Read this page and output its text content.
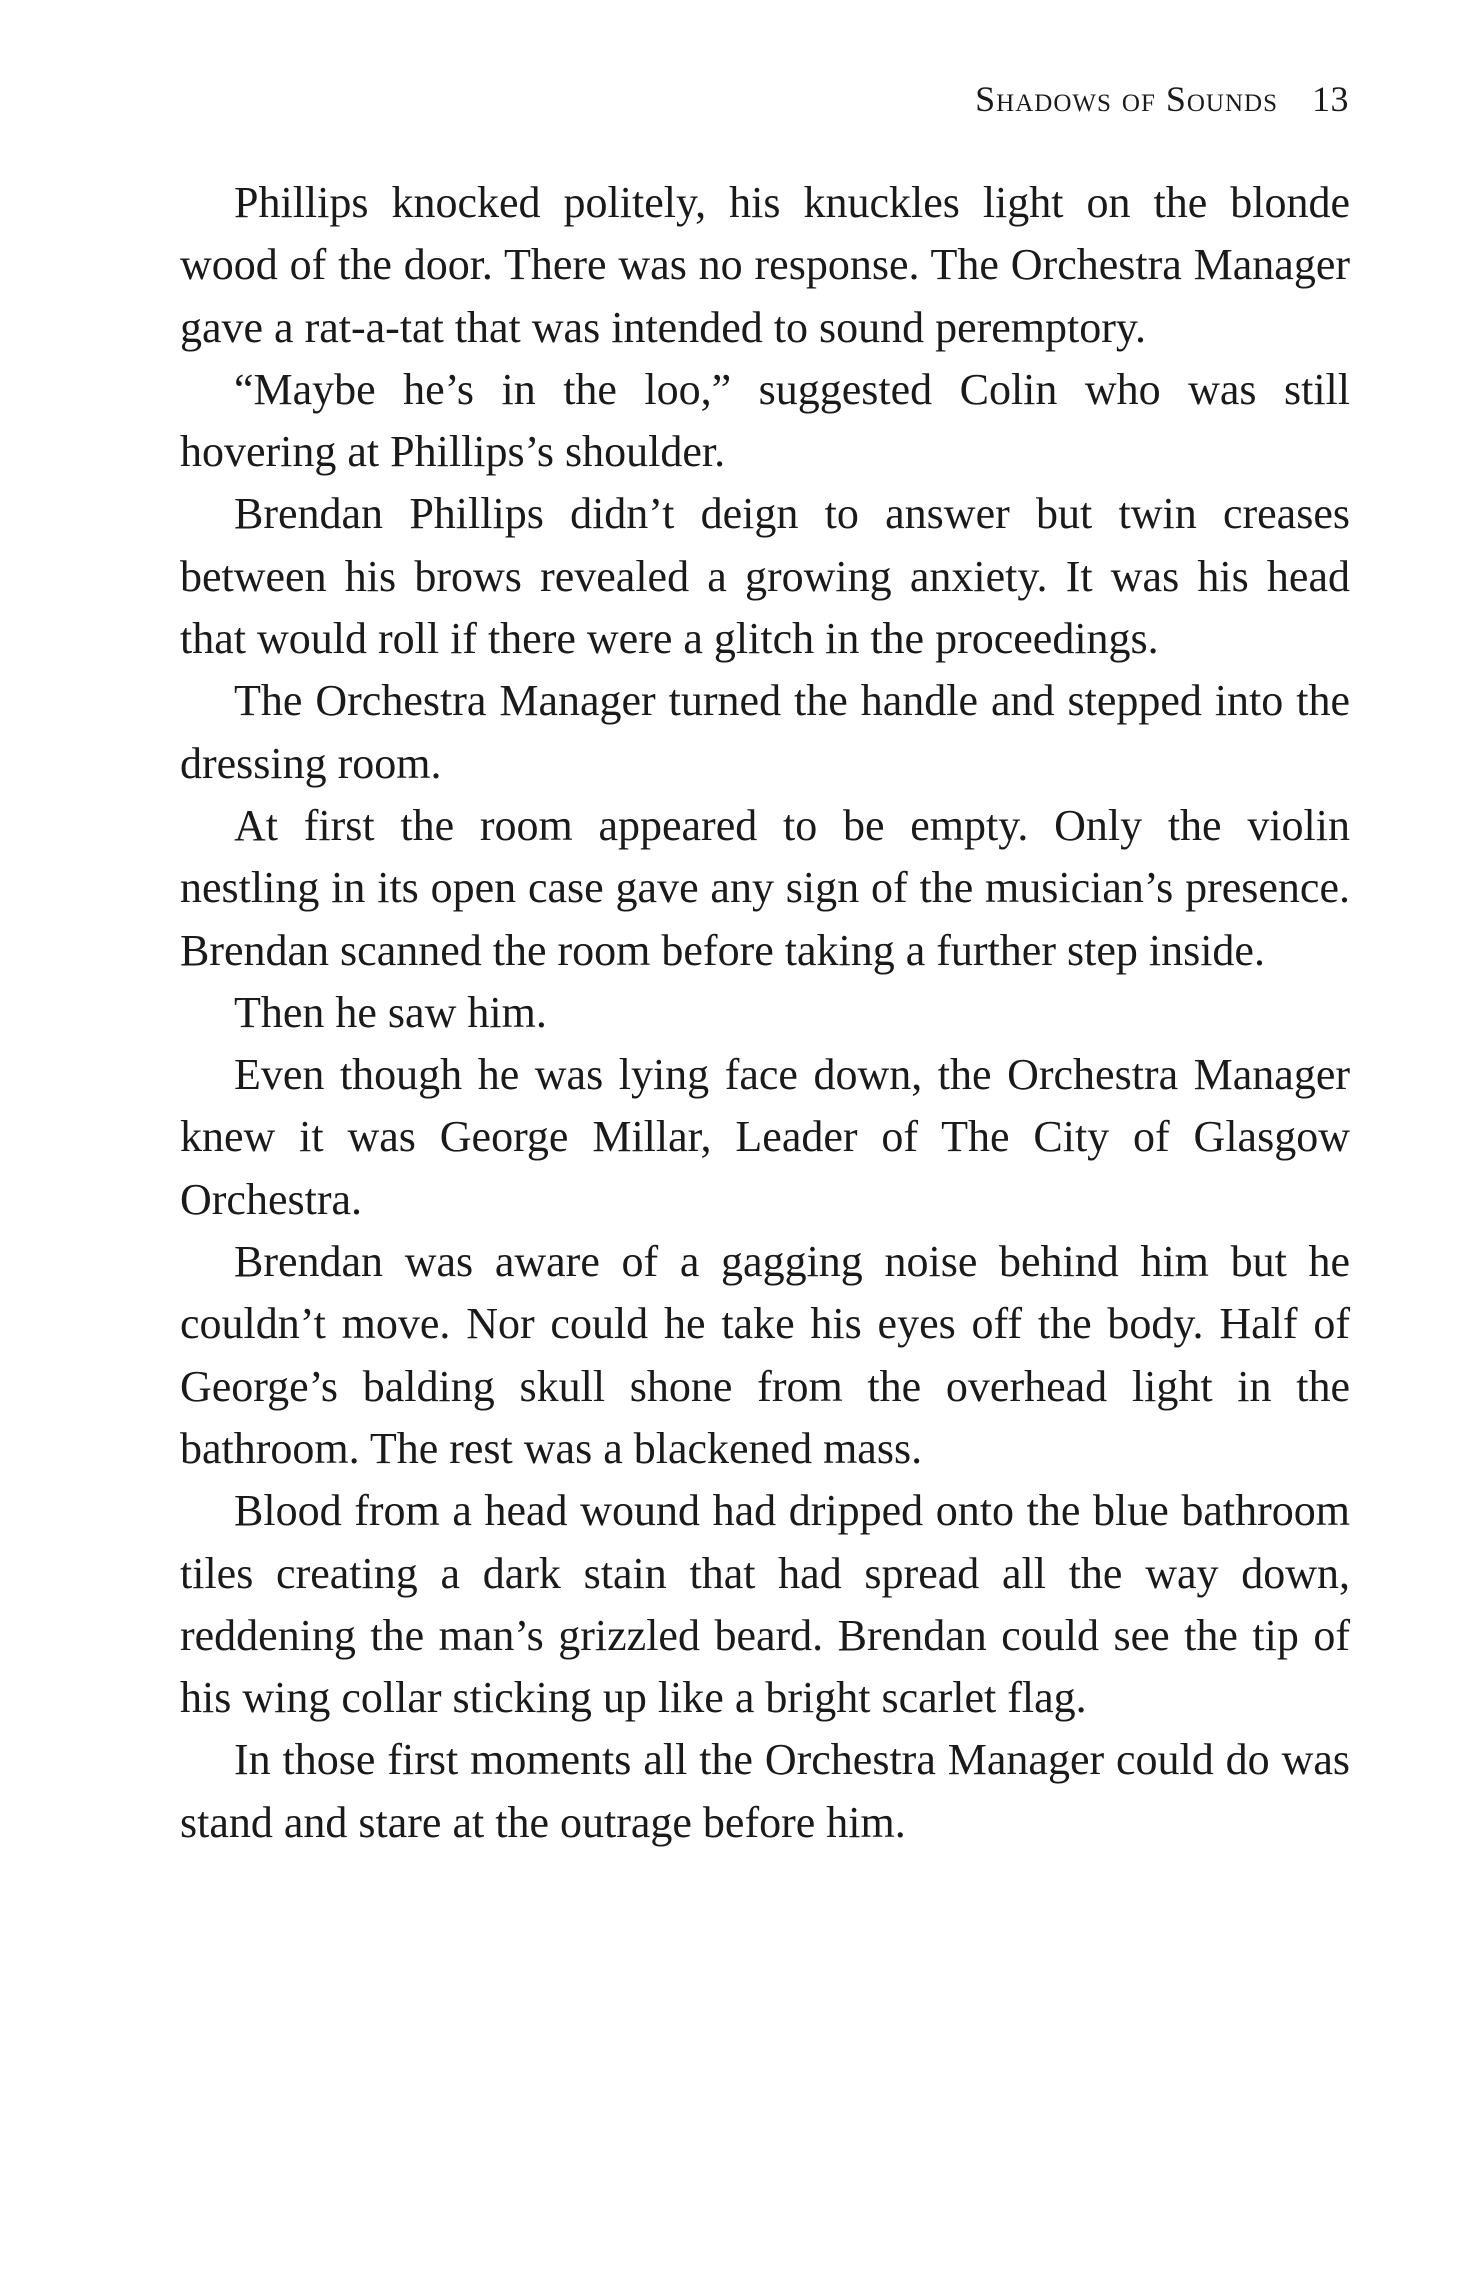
Shadows of Sounds 13

Phillips knocked politely, his knuckles light on the blonde wood of the door. There was no response. The Orchestra Manager gave a rat-a-tat that was intended to sound peremptory.

“Maybe he’s in the loo,” suggested Colin who was still hovering at Phillips’s shoulder.

Brendan Phillips didn’t deign to answer but twin creases between his brows revealed a growing anxiety. It was his head that would roll if there were a glitch in the proceedings.

The Orchestra Manager turned the handle and stepped into the dressing room.

At first the room appeared to be empty. Only the violin nestling in its open case gave any sign of the musician’s presence. Brendan scanned the room before taking a further step inside.

Then he saw him.

Even though he was lying face down, the Orchestra Manager knew it was George Millar, Leader of The City of Glasgow Orchestra.

Brendan was aware of a gagging noise behind him but he couldn’t move. Nor could he take his eyes off the body. Half of George’s balding skull shone from the overhead light in the bathroom. The rest was a blackened mass.

Blood from a head wound had dripped onto the blue bathroom tiles creating a dark stain that had spread all the way down, reddening the man’s grizzled beard. Brendan could see the tip of his wing collar sticking up like a bright scarlet flag.

In those first moments all the Orchestra Manager could do was stand and stare at the outrage before him.
